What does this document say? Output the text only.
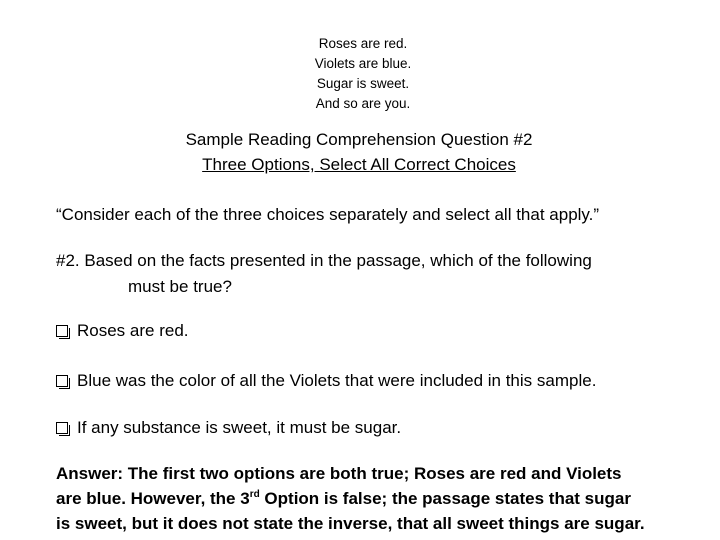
Roses are red.
Violets are blue.
Sugar is sweet.
And so are you.
Sample Reading Comprehension Question #2
Three Options, Select All Correct Choices
“Consider each of the three choices separately and select all that apply.”
#2. Based on the facts presented in the passage, which of the following
must be true?
Roses are red.
Blue was the color of all the Violets that were included in this sample.
If any substance is sweet, it must be sugar.
Answer: The first two options are both true; Roses are red and Violets
are blue. However, the 3rd Option is false; the passage states that sugar
is sweet, but it does not state the inverse, that all sweet things are sugar.
